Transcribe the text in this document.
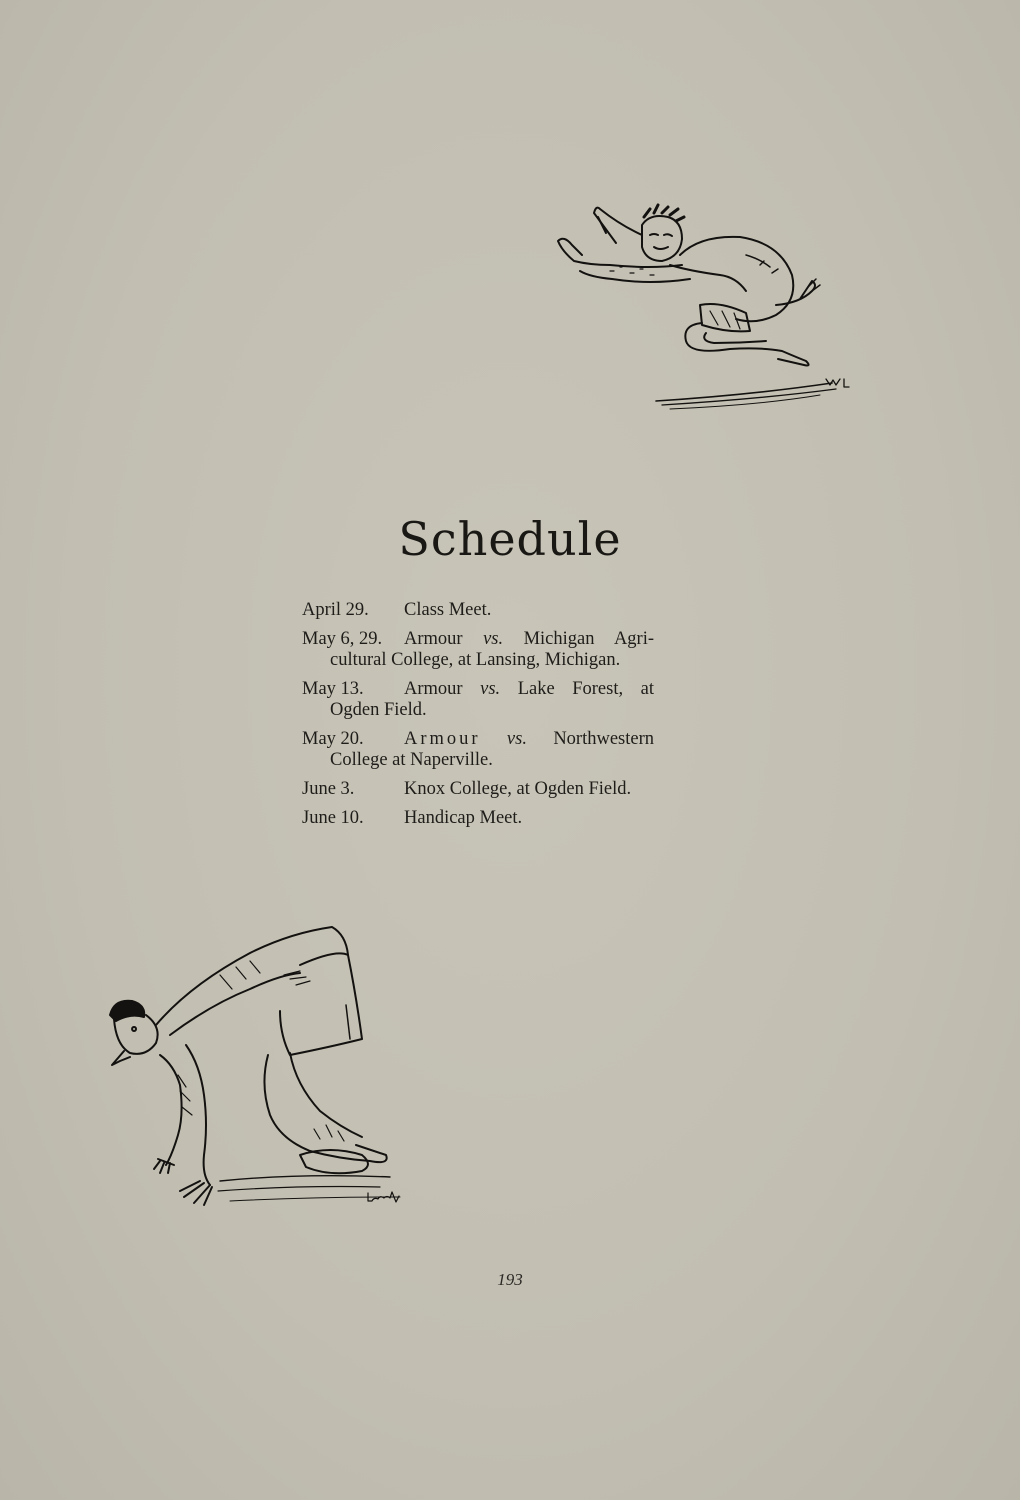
Schedule
April 29.	Class Meet.
May 6, 29.	Armour vs. Michigan Agri-
cultural College, at Lansing, Michigan.
May 13.	Armour vs. Lake Forest, at
Ogden Field.
May 20.	Armour vs. Northwestern
College at Naperville.
June 3.	Knox College, at Ogden Field.
June 10.	Handicap Meet.
193
